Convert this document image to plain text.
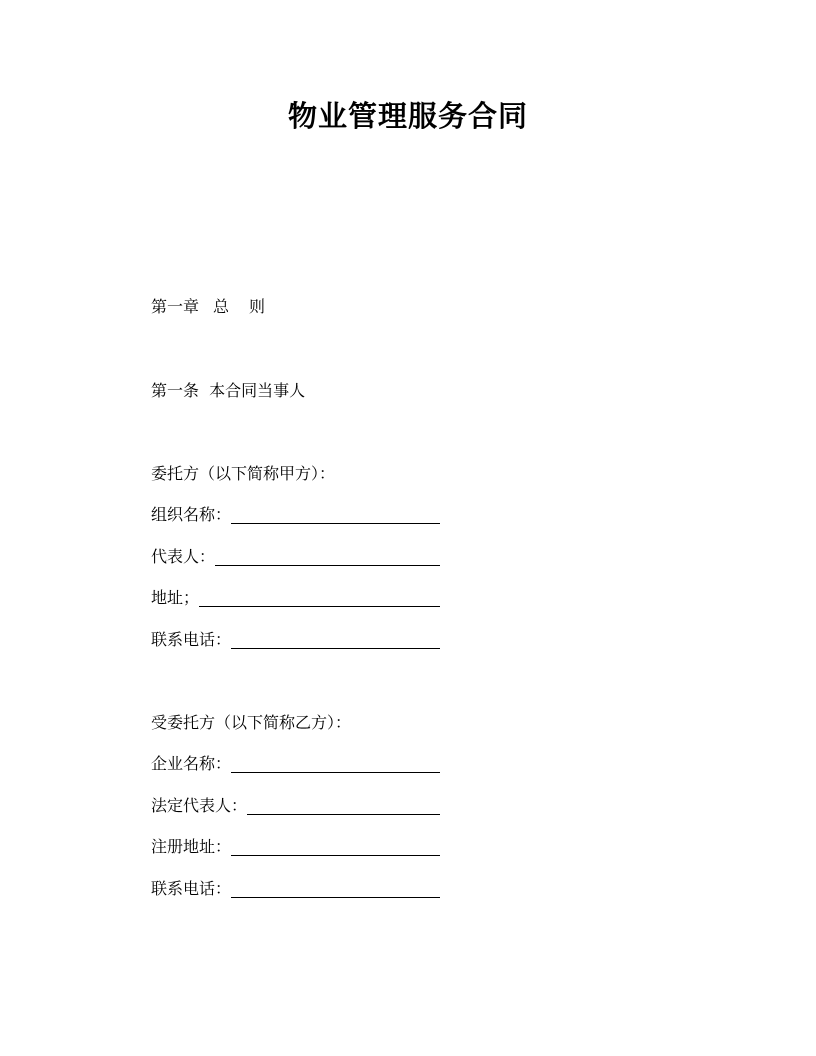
物业管理服务合同
第一章 总 则
第一条  本合同当事人
委托方（以下简称甲方）：
组织名称：
代表人：
地址；
联系电话：
受委托方（以下简称乙方）：
企业名称：
法定代表人：
注册地址：
联系电话：
